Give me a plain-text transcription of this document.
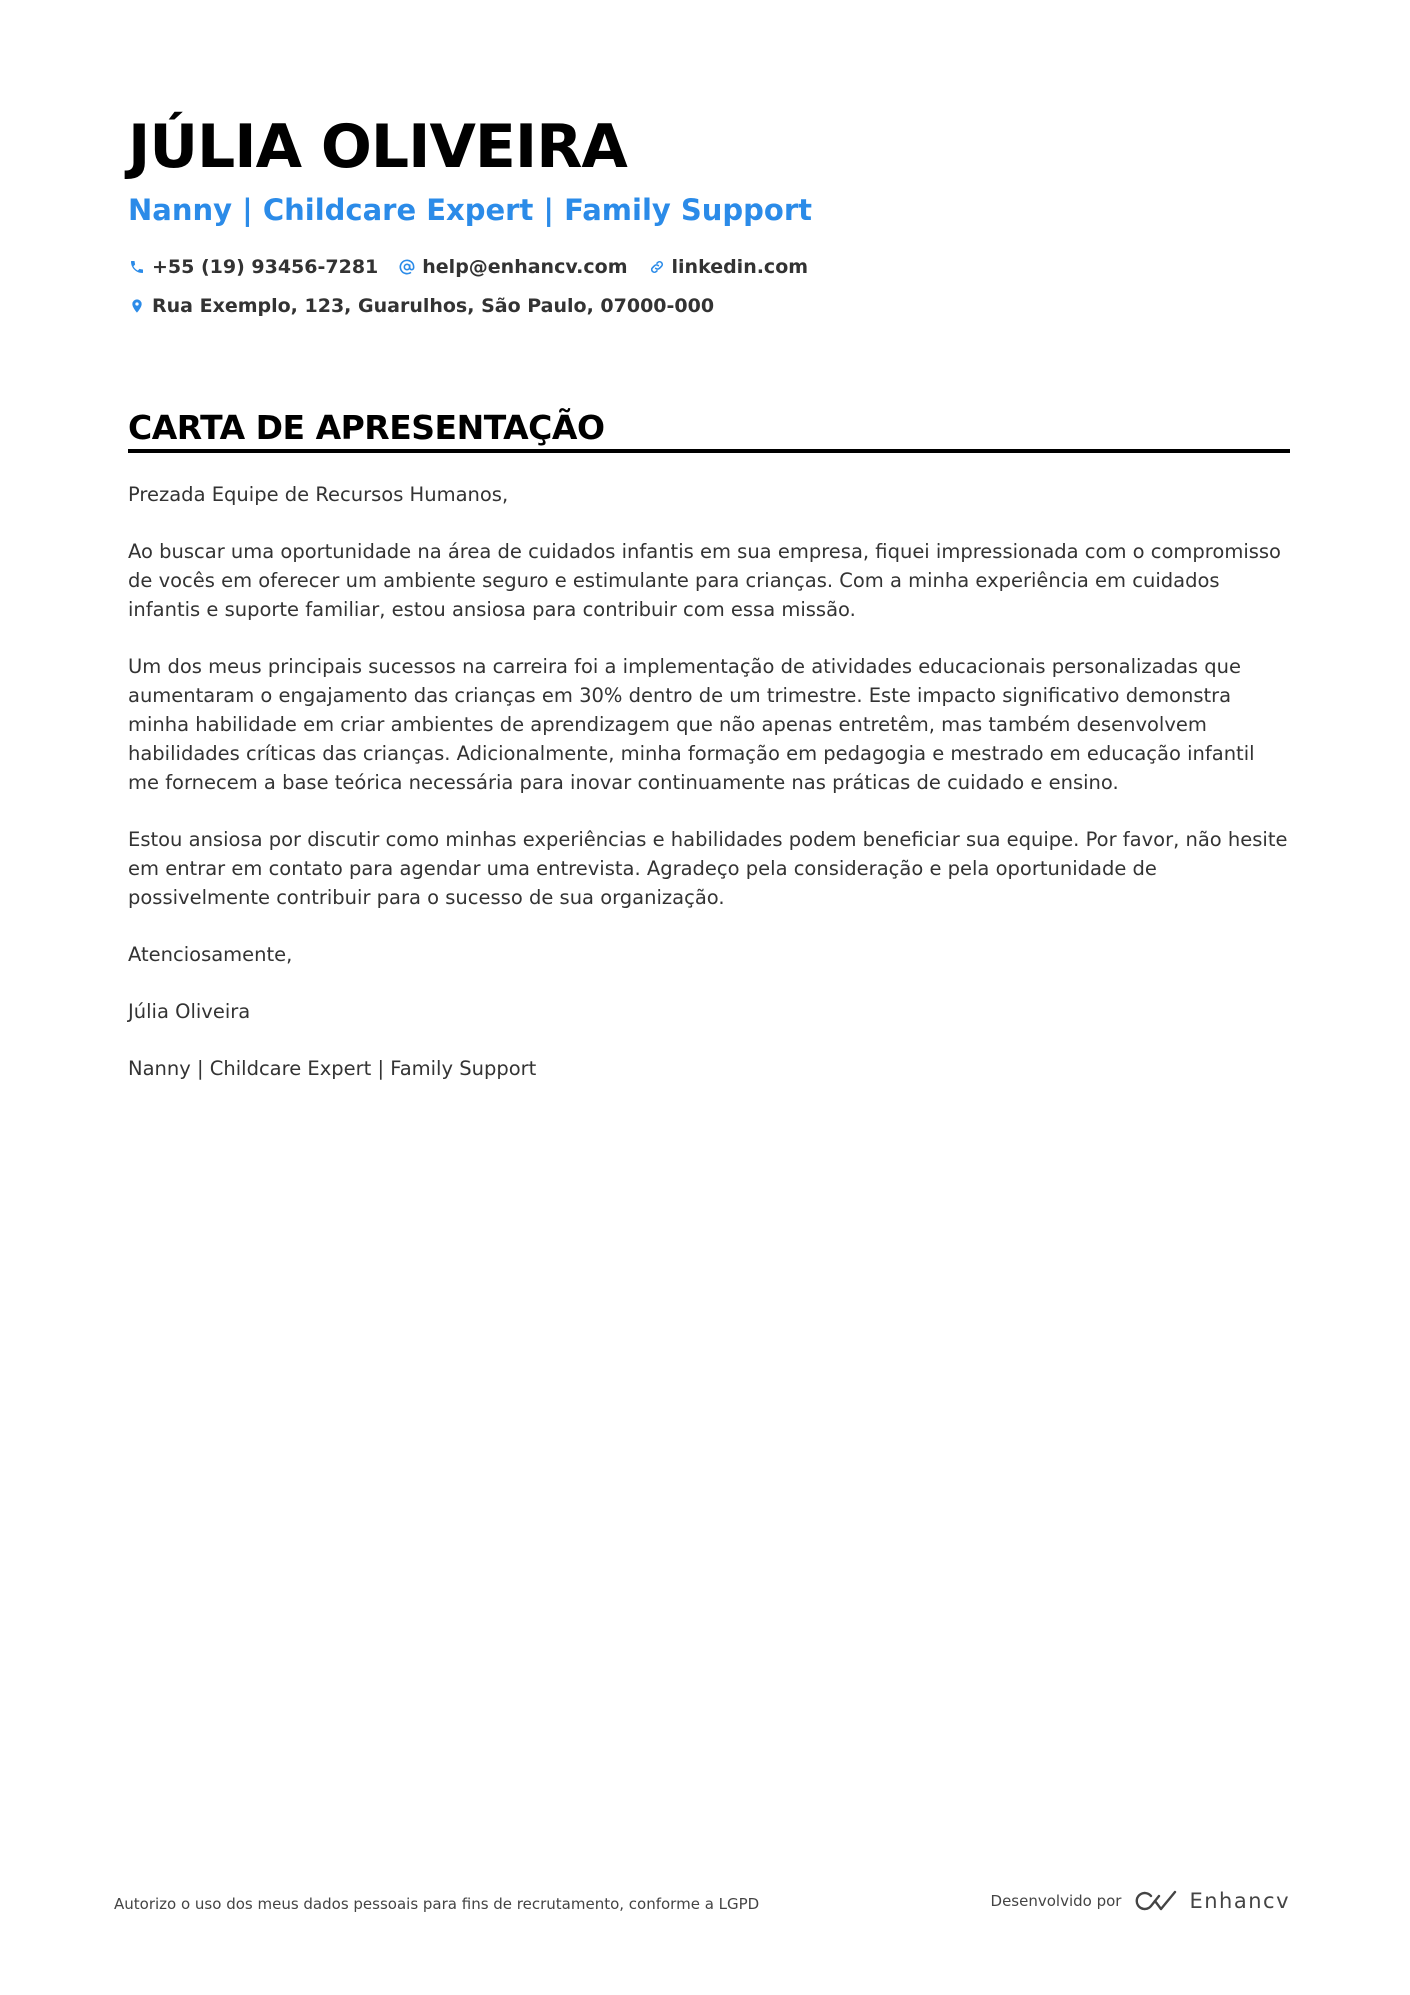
JÚLIA OLIVEIRA
Nanny | Childcare Expert | Family Support
+55 (19) 93456-7281 help@enhancv.com linkedin.com
Rua Exemplo, 123, Guarulhos, São Paulo, 07000-000
CARTA DE APRESENTAÇÃO

Prezada Equipe de Recursos Humanos,

Ao buscar uma oportunidade na área de cuidados infantis em sua empresa, fiquei impressionada com o compromisso de vocês em oferecer um ambiente seguro e estimulante para crianças. Com a minha experiência em cuidados infantis e suporte familiar, estou ansiosa para contribuir com essa missão.

Um dos meus principais sucessos na carreira foi a implementação de atividades educacionais personalizadas que aumentaram o engajamento das crianças em 30% dentro de um trimestre. Este impacto significativo demonstra minha habilidade em criar ambientes de aprendizagem que não apenas entretêm, mas também desenvolvem habilidades críticas das crianças. Adicionalmente, minha formação em pedagogia e mestrado em educação infantil me fornecem a base teórica necessária para inovar continuamente nas práticas de cuidado e ensino.

Estou ansiosa por discutir como minhas experiências e habilidades podem beneficiar sua equipe. Por favor, não hesite em entrar em contato para agendar uma entrevista. Agradeço pela consideração e pela oportunidade de possivelmente contribuir para o sucesso de sua organização.

Atenciosamente,

Júlia Oliveira

Nanny | Childcare Expert | Family Support

Autorizo o uso dos meus dados pessoais para fins de recrutamento, conforme a LGPD	Desenvolvido por	Enhancv
